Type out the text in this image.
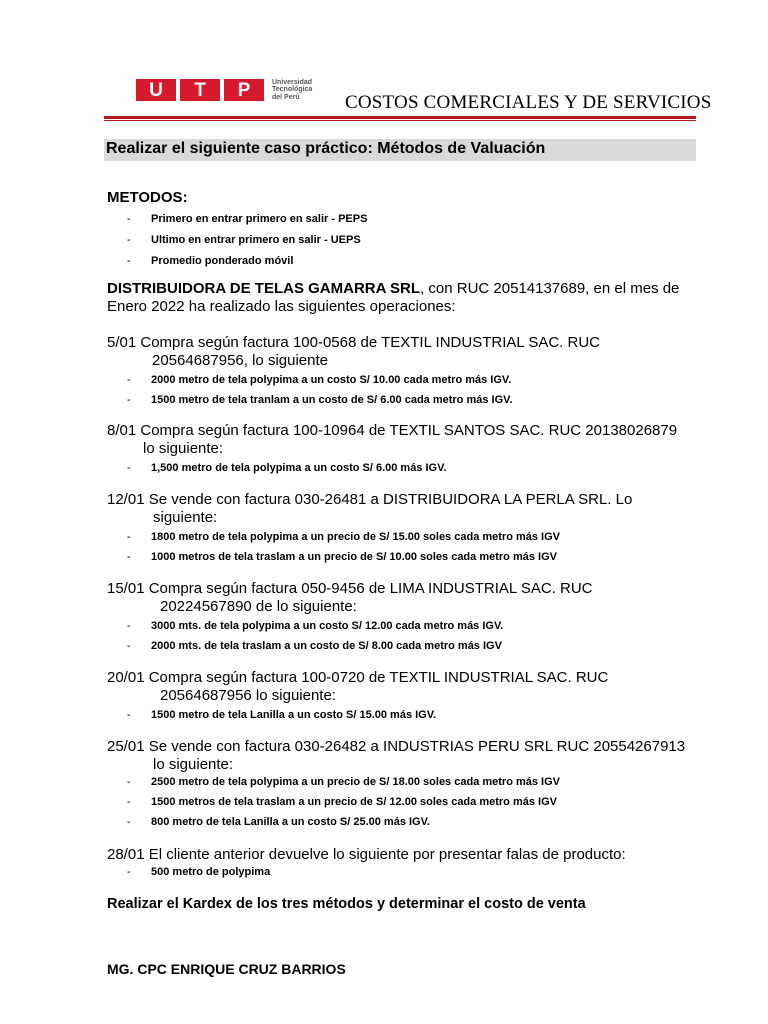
U	T	P	Universidad
Tecnológica
del Perú	COSTOS COMERCIALES Y DE SERVICIOS
Realizar el siguiente caso práctico: Métodos de Valuación
METODOS:
- Primero en entrar primero en salir - PEPS
- Ultimo en entrar primero en salir - UEPS
- Promedio ponderado móvil
DISTRIBUIDORA DE TELAS GAMARRA SRL, con RUC 20514137689, en el mes de
Enero 2022 ha realizado las siguientes operaciones:
5/01 Compra según factura 100-0568 de TEXTIL INDUSTRIAL SAC. RUC
20564687956, lo siguiente
- 2000 metro de tela polypima a un costo S/ 10.00 cada metro más IGV.
- 1500 metro de tela tranlam a un costo de S/ 6.00 cada metro más IGV.
8/01 Compra según factura 100-10964 de TEXTIL SANTOS SAC. RUC 20138026879
lo siguiente:
- 1,500 metro de tela polypima a un costo S/ 6.00 más IGV.
12/01 Se vende con factura 030-26481 a DISTRIBUIDORA LA PERLA SRL. Lo
siguiente:
- 1800 metro de tela polypima a un precio de S/ 15.00 soles cada metro más IGV
- 1000 metros de tela traslam a un precio de S/ 10.00 soles cada metro más IGV
15/01 Compra según factura 050-9456 de LIMA INDUSTRIAL SAC. RUC
20224567890 de lo siguiente:
- 3000 mts. de tela polypima a un costo S/ 12.00 cada metro más IGV.
- 2000 mts. de tela traslam a un costo de S/ 8.00 cada metro más IGV
20/01 Compra según factura 100-0720 de TEXTIL INDUSTRIAL SAC. RUC
20564687956 lo siguiente:
- 1500 metro de tela Lanilla a un costo S/ 15.00 más IGV.
25/01 Se vende con factura 030-26482 a INDUSTRIAS PERU SRL RUC 20554267913
lo siguiente:
- 2500 metro de tela polypima a un precio de S/ 18.00 soles cada metro más IGV
- 1500 metros de tela traslam a un precio de S/ 12.00 soles cada metro más IGV
- 800 metro de tela Lanilla a un costo S/ 25.00 más IGV.
28/01 El cliente anterior devuelve lo siguiente por presentar falas de producto:
- 500 metro de polypima
Realizar el Kardex de los tres métodos y determinar el costo de venta
MG. CPC ENRIQUE CRUZ BARRIOS
